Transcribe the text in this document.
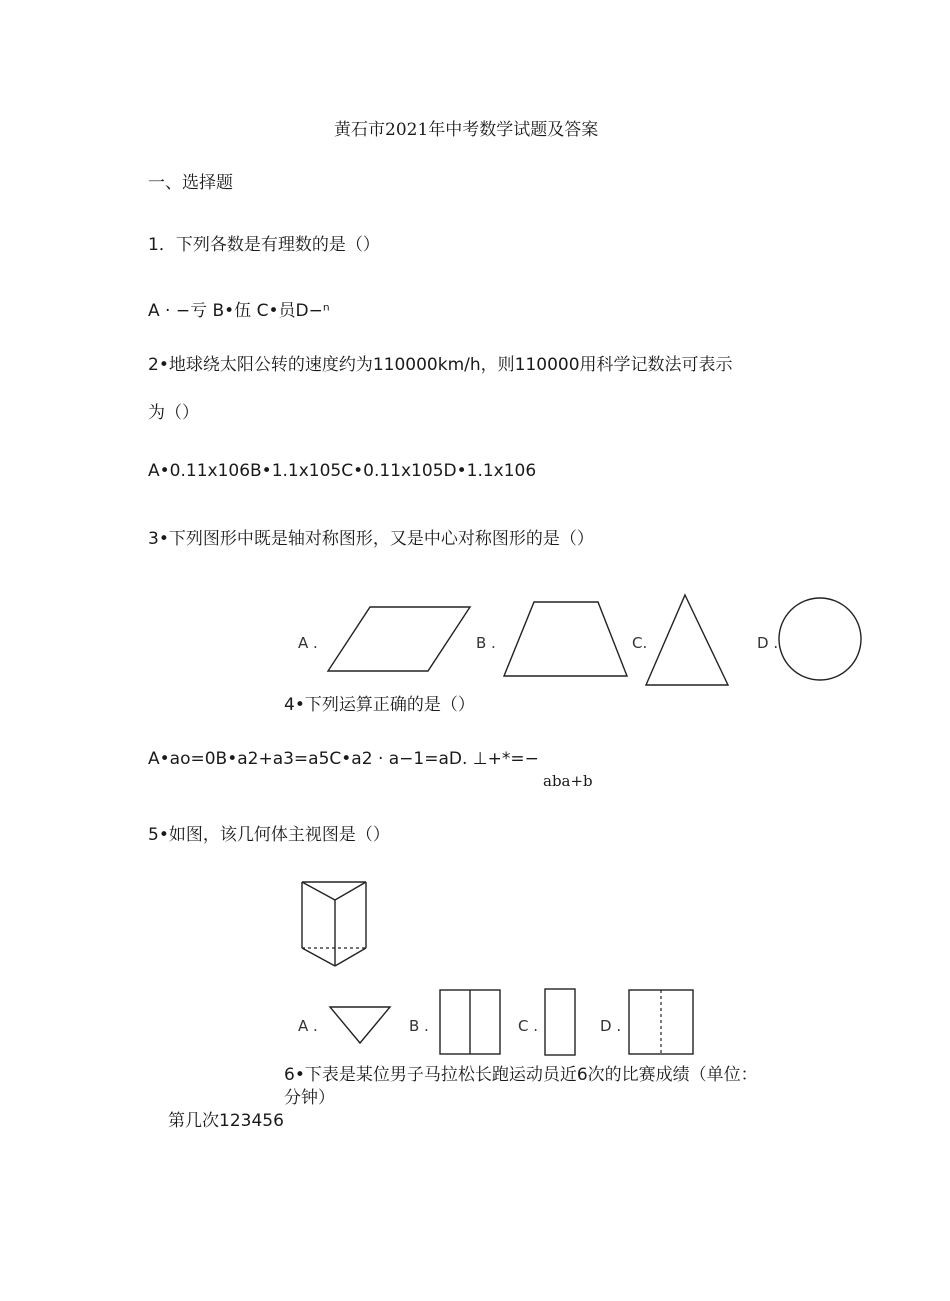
黄石市2021年中考数学试题及答案
一、选择题
1．下列各数是有理数的是（）
A · −亏 B•伍 C•员D−ⁿ
2•地球绕太阳公转的速度约为110000km/h，则110000用科学记数法可表示
为（）
A•0.11x106B•1.1x105C•0.11x105D•1.1x106
3•下列图形中既是轴对称图形，又是中心对称图形的是（）
A .	B .	C.	D .
4•下列运算正确的是（）
A•ao=0B•a2+a3=a5C•a2 · a−1=aD. ⊥+*=−
aba+b
5•如图，该几何体主视图是（）
A .	B .	C .	D .
6•下表是某位男子马拉松长跑运动员近6次的比赛成绩（单位：
分钟）
第几次123456
